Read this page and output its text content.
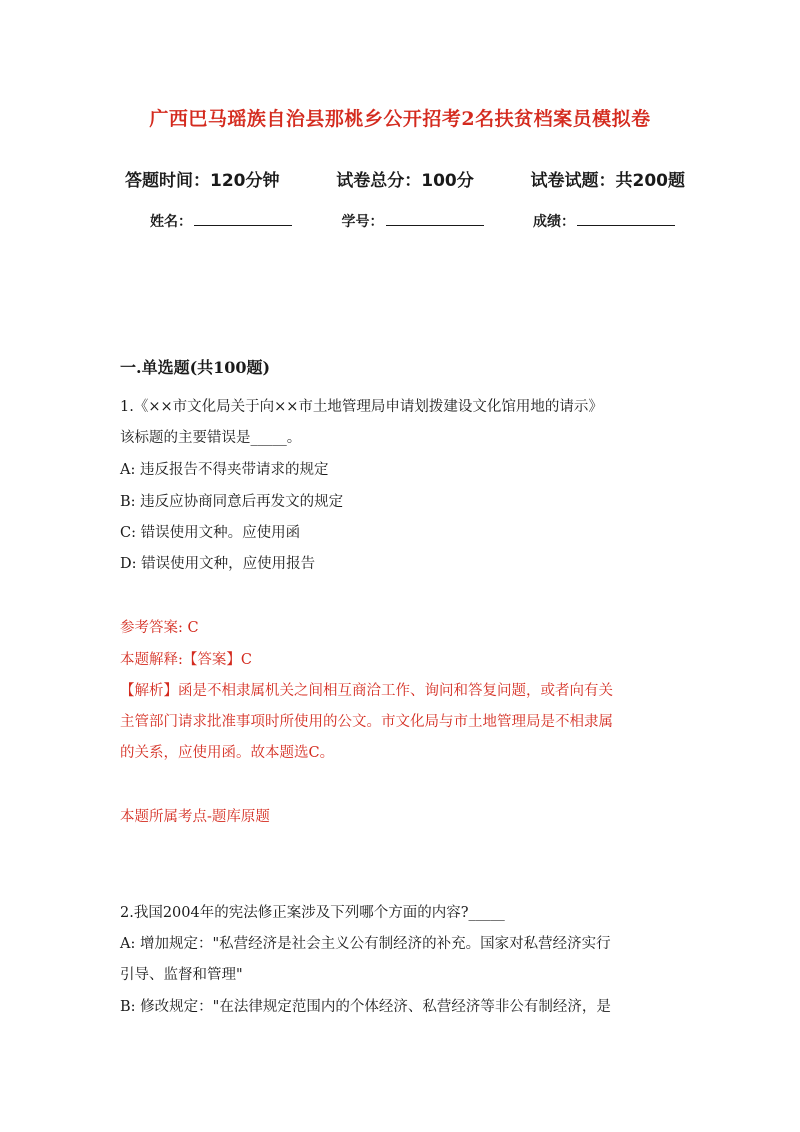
广西巴马瑶族自治县那桃乡公开招考2名扶贫档案员模拟卷
答题时间：120分钟	试卷总分：100分	试卷试题：共200题
姓名：	学号：	成绩：
一.单选题(共100题)
1.《××市文化局关于向××市土地管理局申请划拨建设文化馆用地的请示》
该标题的主要错误是_____。
A: 违反报告不得夹带请求的规定
B: 违反应协商同意后再发文的规定
C: 错误使用文种。应使用函
D: 错误使用文种，应使用报告
参考答案: C
本题解释:【答案】C
【解析】函是不相隶属机关之间相互商洽工作、询问和答复问题，或者向有关
主管部门请求批准事项时所使用的公文。市文化局与市土地管理局是不相隶属
的关系，应使用函。故本题选C。
本题所属考点-题库原题
2.我国2004年的宪法修正案涉及下列哪个方面的内容?_____
A: 增加规定："私营经济是社会主义公有制经济的补充。国家对私营经济实行
引导、监督和管理"
B: 修改规定："在法律规定范围内的个体经济、私营经济等非公有制经济，是
